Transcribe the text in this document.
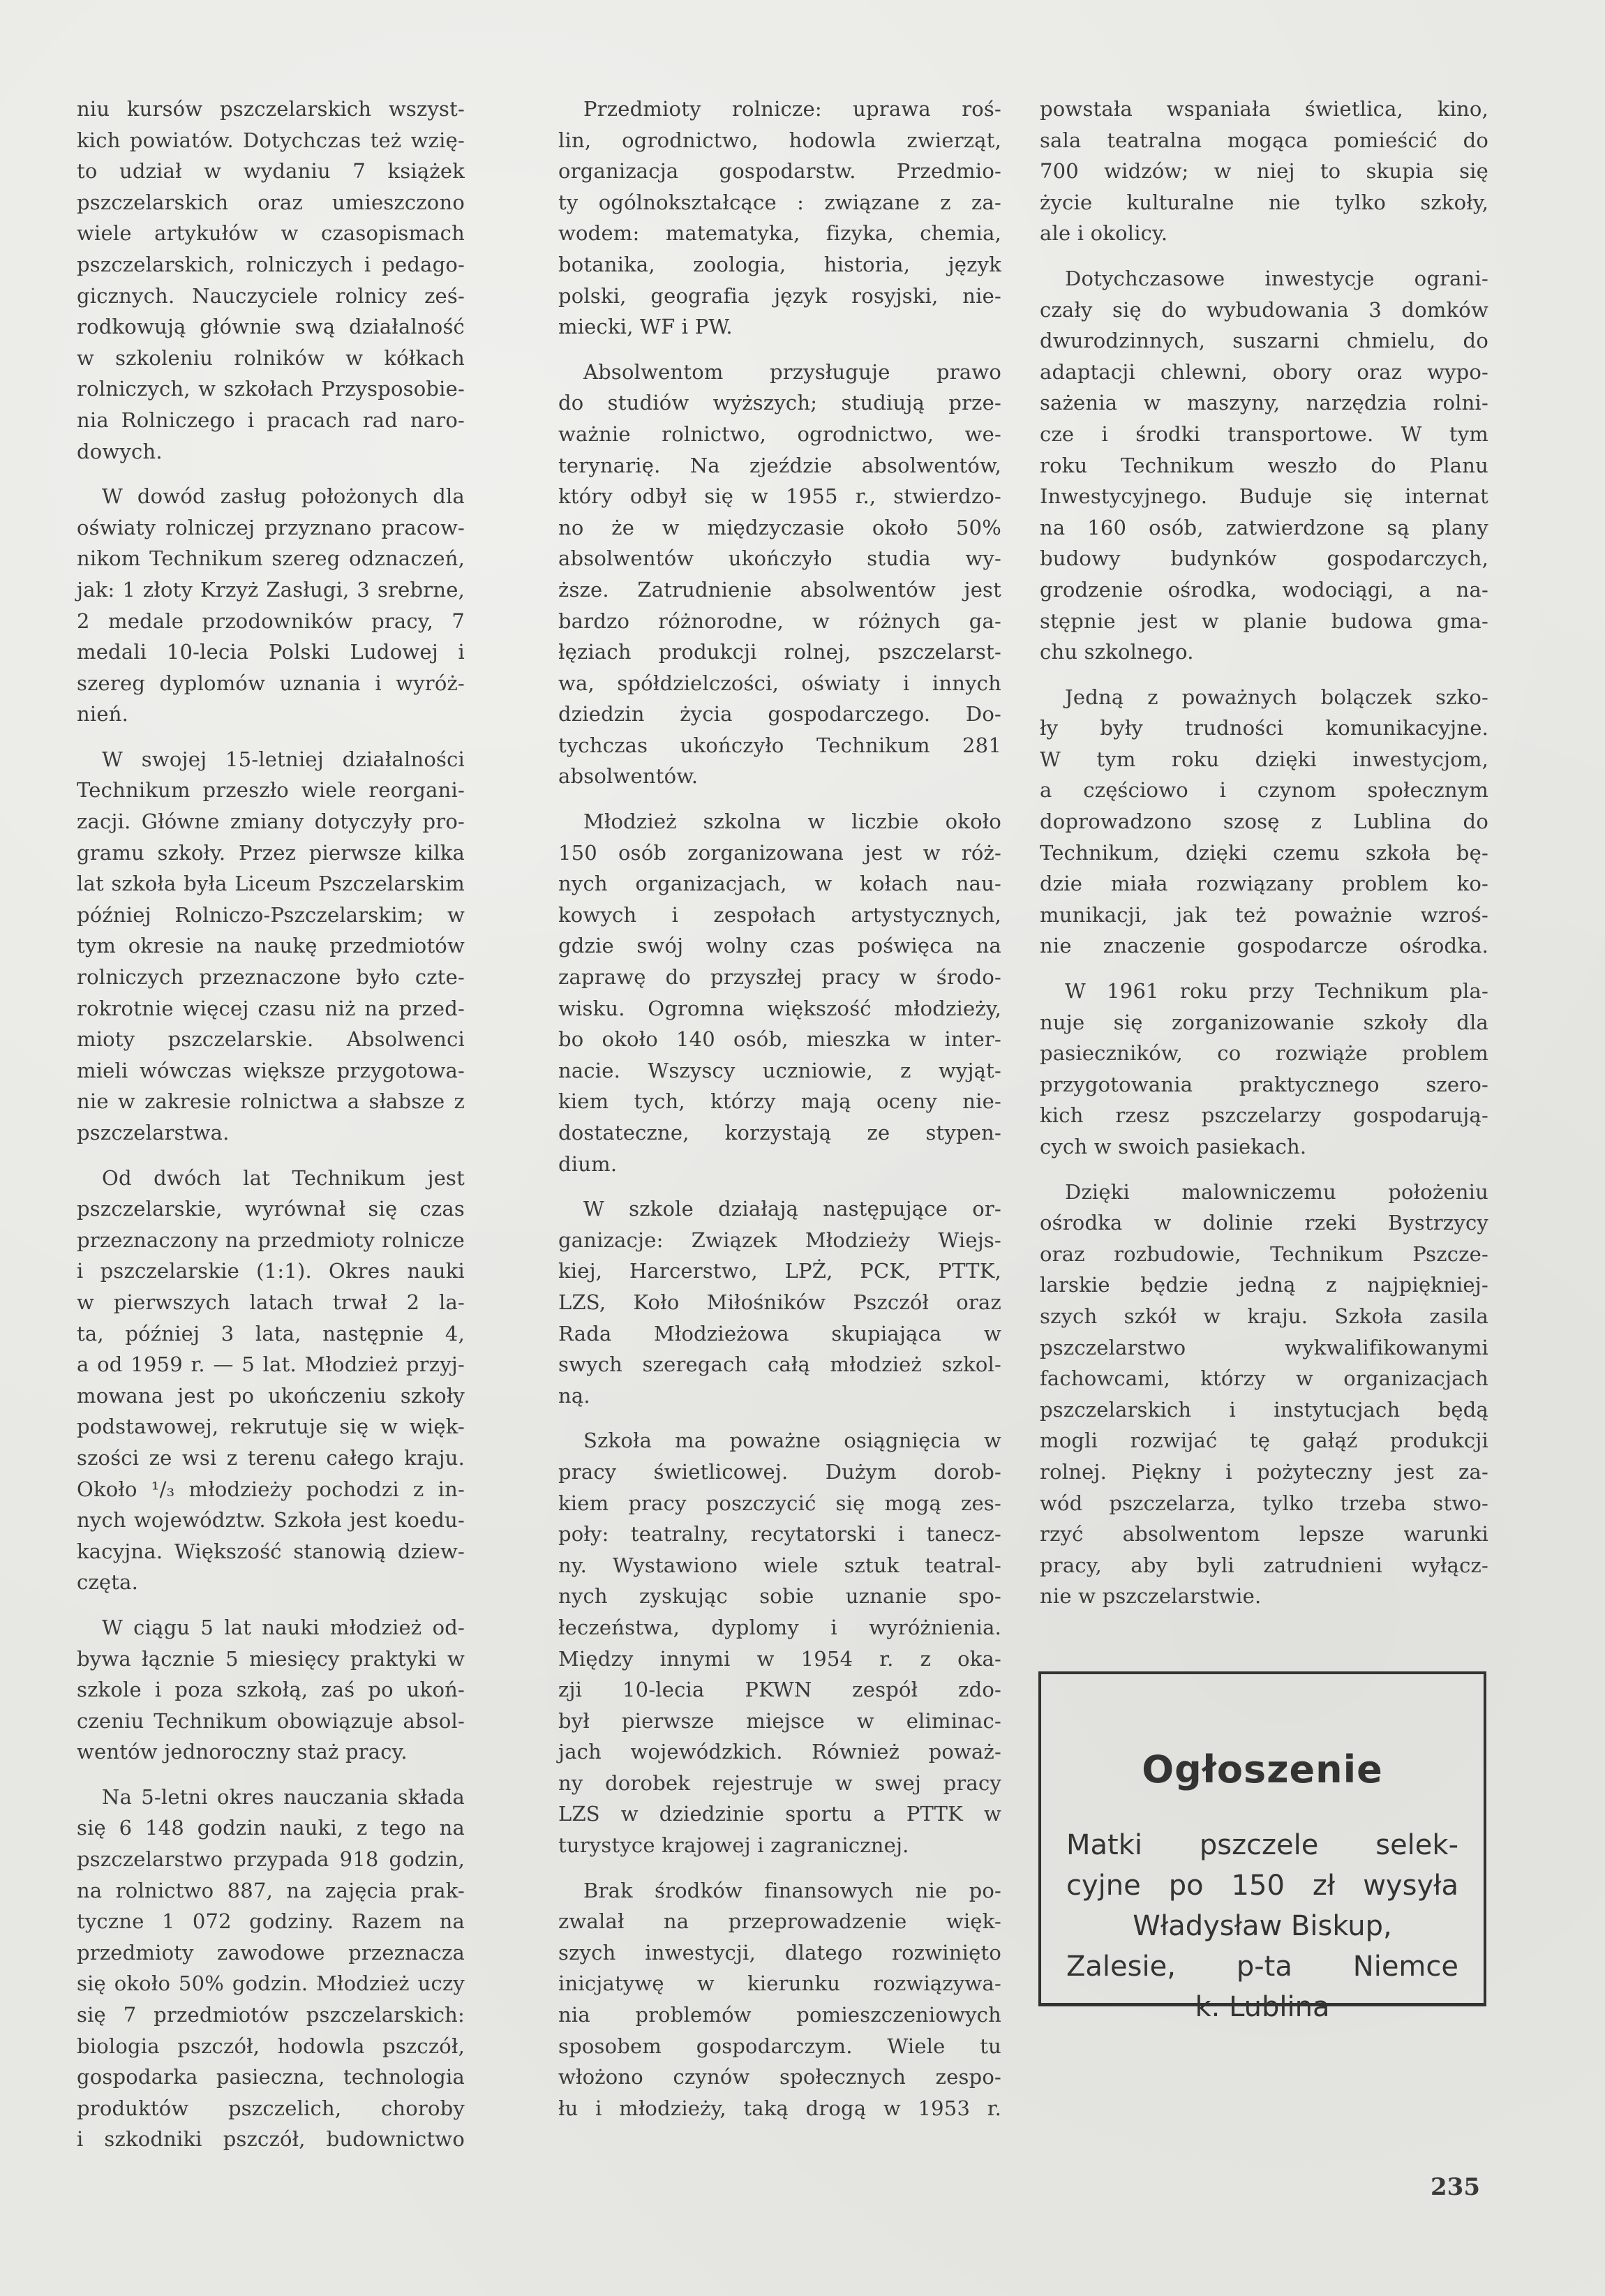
niu kursów pszczelarskich wszyst-
kich powiatów. Dotychczas też wzię-
to udział w wydaniu 7 książek
pszczelarskich oraz umieszczono
wiele artykułów w czasopismach
pszczelarskich, rolniczych i pedago-
gicznych. Nauczyciele rolnicy ześ-
rodkowują głównie swą działalność
w szkoleniu rolników w kółkach
rolniczych, w szkołach Przysposobie-
nia Rolniczego i pracach rad naro-
dowych.
W dowód zasług położonych dla
oświaty rolniczej przyznano pracow-
nikom Technikum szereg odznaczeń,
jak: 1 złoty Krzyż Zasługi, 3 srebrne,
2 medale przodowników pracy, 7
medali 10-lecia Polski Ludowej i
szereg dyplomów uznania i wyróż-
nień.
W swojej 15-letniej działalności
Technikum przeszło wiele reorgani-
zacji. Główne zmiany dotyczyły pro-
gramu szkoły. Przez pierwsze kilka
lat szkoła była Liceum Pszczelarskim
później Rolniczo-Pszczelarskim; w
tym okresie na naukę przedmiotów
rolniczych przeznaczone było czte-
rokrotnie więcej czasu niż na przed-
mioty pszczelarskie. Absolwenci
mieli wówczas większe przygotowa-
nie w zakresie rolnictwa a słabsze z
pszczelarstwa.
Od dwóch lat Technikum jest
pszczelarskie, wyrównał się czas
przeznaczony na przedmioty rolnicze
i pszczelarskie (1:1). Okres nauki
w pierwszych latach trwał 2 la-
ta, później 3 lata, następnie 4,
a od 1959 r. — 5 lat. Młodzież przyj-
mowana jest po ukończeniu szkoły
podstawowej, rekrutuje się w więk-
szości ze wsi z terenu całego kraju.
Około ¹/₃ młodzieży pochodzi z in-
nych województw. Szkoła jest koedu-
kacyjna. Większość stanowią dziew-
częta.
W ciągu 5 lat nauki młodzież od-
bywa łącznie 5 miesięcy praktyki w
szkole i poza szkołą, zaś po ukoń-
czeniu Technikum obowiązuje absol-
wentów jednoroczny staż pracy.
Na 5-letni okres nauczania składa
się 6 148 godzin nauki, z tego na
pszczelarstwo przypada 918 godzin,
na rolnictwo 887, na zajęcia prak-
tyczne 1 072 godziny. Razem na
przedmioty zawodowe przeznacza
się około 50% godzin. Młodzież uczy
się 7 przedmiotów pszczelarskich:
biologia pszczół, hodowla pszczół,
gospodarka pasieczna, technologia
produktów pszczelich, choroby
i szkodniki pszczół, budownictwo
Przedmioty rolnicze: uprawa roś-
lin, ogrodnictwo, hodowla zwierząt,
organizacja gospodarstw. Przedmio-
ty ogólnokształcące : związane z za-
wodem: matematyka, fizyka, chemia,
botanika, zoologia, historia, język
polski, geografia język rosyjski, nie-
miecki, WF i PW.
Absolwentom przysługuje prawo
do studiów wyższych; studiują prze-
ważnie rolnictwo, ogrodnictwo, we-
terynarię. Na zjeździe absolwentów,
który odbył się w 1955 r., stwierdzo-
no że w międzyczasie około 50%
absolwentów ukończyło studia wy-
ższe. Zatrudnienie absolwentów jest
bardzo różnorodne, w różnych ga-
łęziach produkcji rolnej, pszczelarst-
wa, spółdzielczości, oświaty i innych
dziedzin życia gospodarczego. Do-
tychczas ukończyło Technikum 281
absolwentów.
Młodzież szkolna w liczbie około
150 osób zorganizowana jest w róż-
nych organizacjach, w kołach nau-
kowych i zespołach artystycznych,
gdzie swój wolny czas poświęca na
zaprawę do przyszłej pracy w środo-
wisku. Ogromna większość młodzieży,
bo około 140 osób, mieszka w inter-
nacie. Wszyscy uczniowie, z wyjąt-
kiem tych, którzy mają oceny nie-
dostateczne, korzystają ze stypen-
dium.
W szkole działają następujące or-
ganizacje: Związek Młodzieży Wiejs-
kiej, Harcerstwo, LPŻ, PCK, PTTK,
LZS, Koło Miłośników Pszczół oraz
Rada Młodzieżowa skupiająca w
swych szeregach całą młodzież szkol-
ną.
Szkoła ma poważne osiągnięcia w
pracy świetlicowej. Dużym dorob-
kiem pracy poszczycić się mogą zes-
poły: teatralny, recytatorski i tanecz-
ny. Wystawiono wiele sztuk teatral-
nych zyskując sobie uznanie spo-
łeczeństwa, dyplomy i wyróżnienia.
Między innymi w 1954 r. z oka-
zji 10-lecia PKWN zespół zdo-
był pierwsze miejsce w eliminac-
jach wojewódzkich. Również poważ-
ny dorobek rejestruje w swej pracy
LZS w dziedzinie sportu a PTTK w
turystyce krajowej i zagranicznej.
Brak środków finansowych nie po-
zwalał na przeprowadzenie więk-
szych inwestycji, dlatego rozwinięto
inicjatywę w kierunku rozwiązywa-
nia problemów pomieszczeniowych
sposobem gospodarczym. Wiele tu
włożono czynów społecznych zespo-
łu i młodzieży, taką drogą w 1953 r.
powstała wspaniała świetlica, kino,
sala teatralna mogąca pomieścić do
700 widzów; w niej to skupia się
życie kulturalne nie tylko szkoły,
ale i okolicy.
Dotychczasowe inwestycje ograni-
czały się do wybudowania 3 domków
dwurodzinnych, suszarni chmielu, do
adaptacji chlewni, obory oraz wypo-
sażenia w maszyny, narzędzia rolni-
cze i środki transportowe. W tym
roku Technikum weszło do Planu
Inwestycyjnego. Buduje się internat
na 160 osób, zatwierdzone są plany
budowy budynków gospodarczych,
grodzenie ośrodka, wodociągi, a na-
stępnie jest w planie budowa gma-
chu szkolnego.
Jedną z poważnych bolączek szko-
ły były trudności komunikacyjne.
W tym roku dzięki inwestycjom,
a częściowo i czynom społecznym
doprowadzono szosę z Lublina do
Technikum, dzięki czemu szkoła bę-
dzie miała rozwiązany problem ko-
munikacji, jak też poważnie wzroś-
nie znaczenie gospodarcze ośrodka.
W 1961 roku przy Technikum pla-
nuje się zorganizowanie szkoły dla
pasieczników, co rozwiąże problem
przygotowania praktycznego szero-
kich rzesz pszczelarzy gospodarują-
cych w swoich pasiekach.
Dzięki malowniczemu położeniu
ośrodka w dolinie rzeki Bystrzycy
oraz rozbudowie, Technikum Pszcze-
larskie będzie jedną z najpiękniej-
szych szkół w kraju. Szkoła zasila
pszczelarstwo wykwalifikowanymi
fachowcami, którzy w organizacjach
pszczelarskich i instytucjach będą
mogli rozwijać tę gałąź produkcji
rolnej. Piękny i pożyteczny jest za-
wód pszczelarza, tylko trzeba stwo-
rzyć absolwentom lepsze warunki
pracy, aby byli zatrudnieni wyłącz-
nie w pszczelarstwie.
Ogłoszenie
Matki pszczele selek-
cyjne po 150 zł wysyła
Władysław Biskup,
Zalesie, p-ta Niemce
k. Lublina
235
